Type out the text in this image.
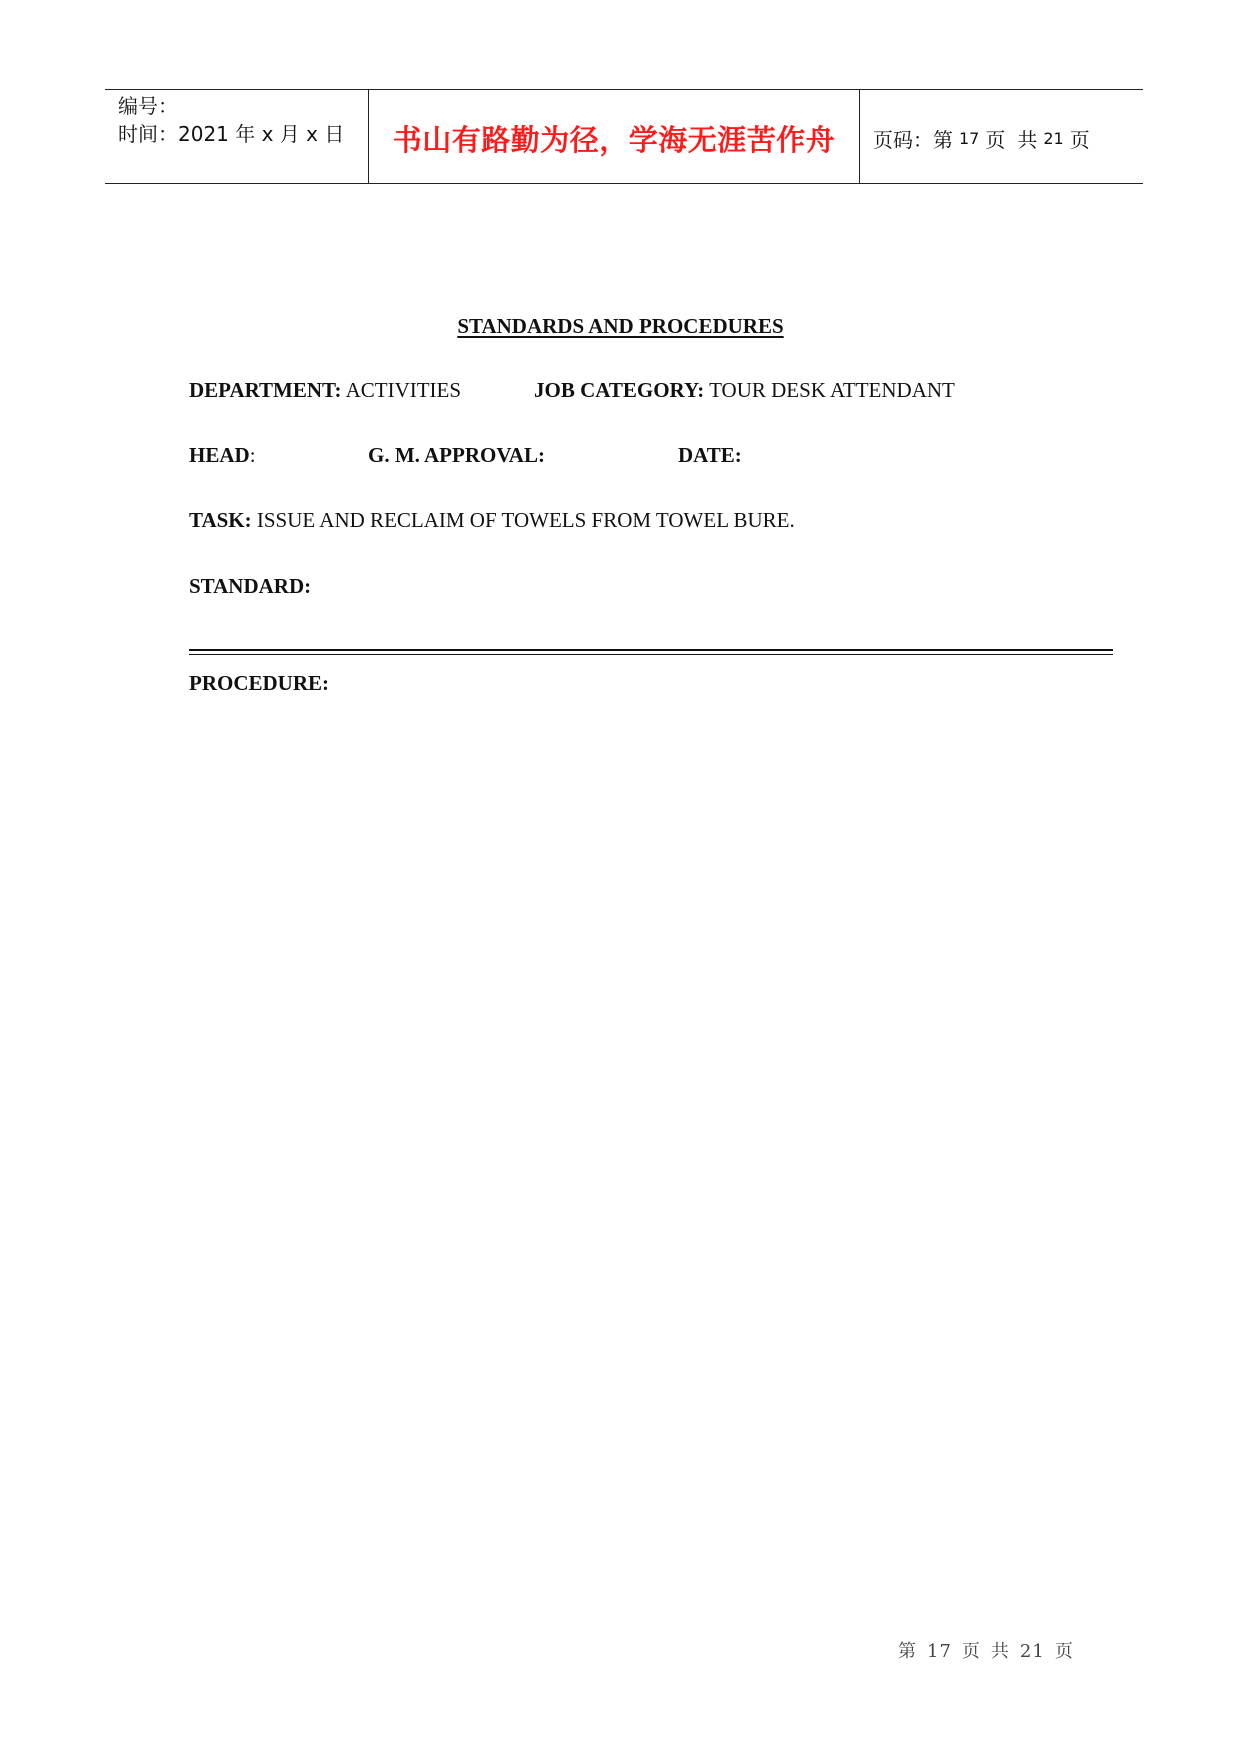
编号：
时间：2021 年 x 月 x 日	书山有路勤为径，学海无涯苦作舟 页码：第 17 页 共 21 页
STANDARDS AND PROCEDURES
DEPARTMENT: ACTIVITIES	JOB CATEGORY: TOUR DESK ATTENDANT
HEAD:	G. M. APPROVAL:	DATE:
TASK: ISSUE AND RECLAIM OF TOWELS FROM TOWEL BURE.
STANDARD:
PROCEDURE:
第 17 页 共 21 页
